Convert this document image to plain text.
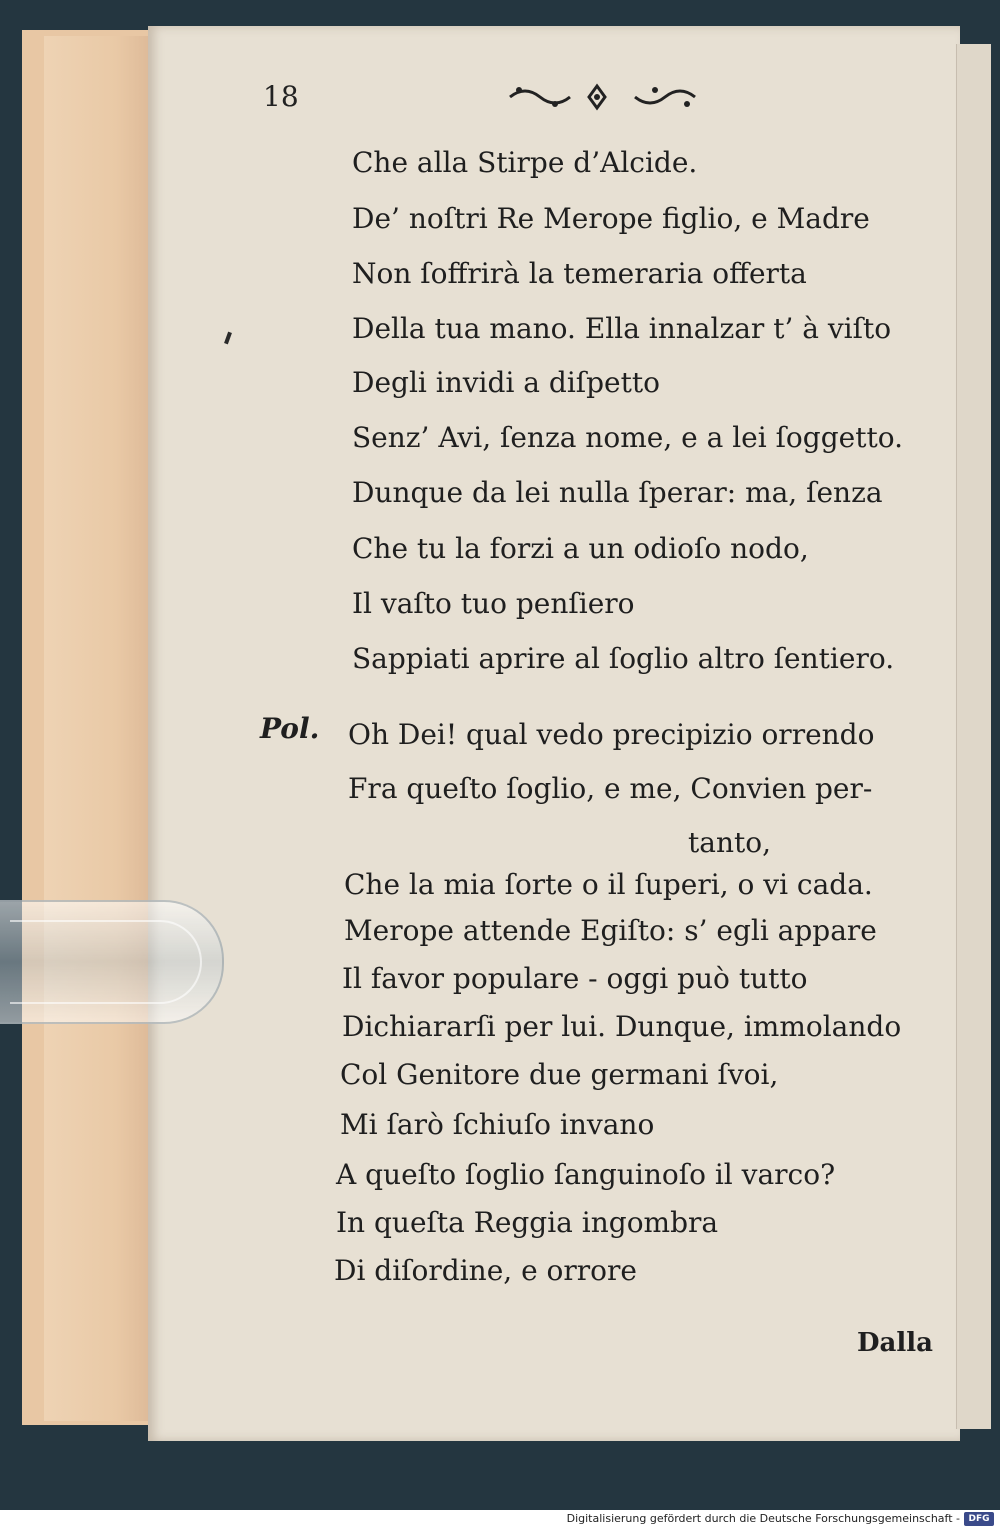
18
Che alla Stirpe d’Alcide.
De’ noſtri Re Merope figlio, e Madre
Non ſoffrirà la temeraria offerta
Della tua mano. Ella innalzar t’ à viſto
Degli invidi a diſpetto
Senz’ Avi, ſenza nome, e a lei ſoggetto.
Dunque da lei nulla ſperar: ma, ſenza
Che tu la forzi a un odioſo nodo,
Il vaſto tuo penſiero
Sappiati aprire al ſoglio altro ſentiero.
Pol. Oh Dei! qual vedo precipizio orrendo
Fra queſto ſoglio, e me, Convien per-
tanto,
Che la mia ſorte o il ſuperi, o vi cada.
Merope attende Egiſto: s’ egli appare
Il favor populare - oggi può tutto
Dichiararſi per lui. Dunque, immolando
Col Genitore due germani ſvoi,
Mi ſarò ſchiuſo invano
A queſto ſoglio ſanguinoſo il varco?
In queſta Reggia ingombra
Di diſordine, e orrore
Dalla
Digitalisierung gefördert durch die Deutsche Forschungsgemeinschaft - DFG
